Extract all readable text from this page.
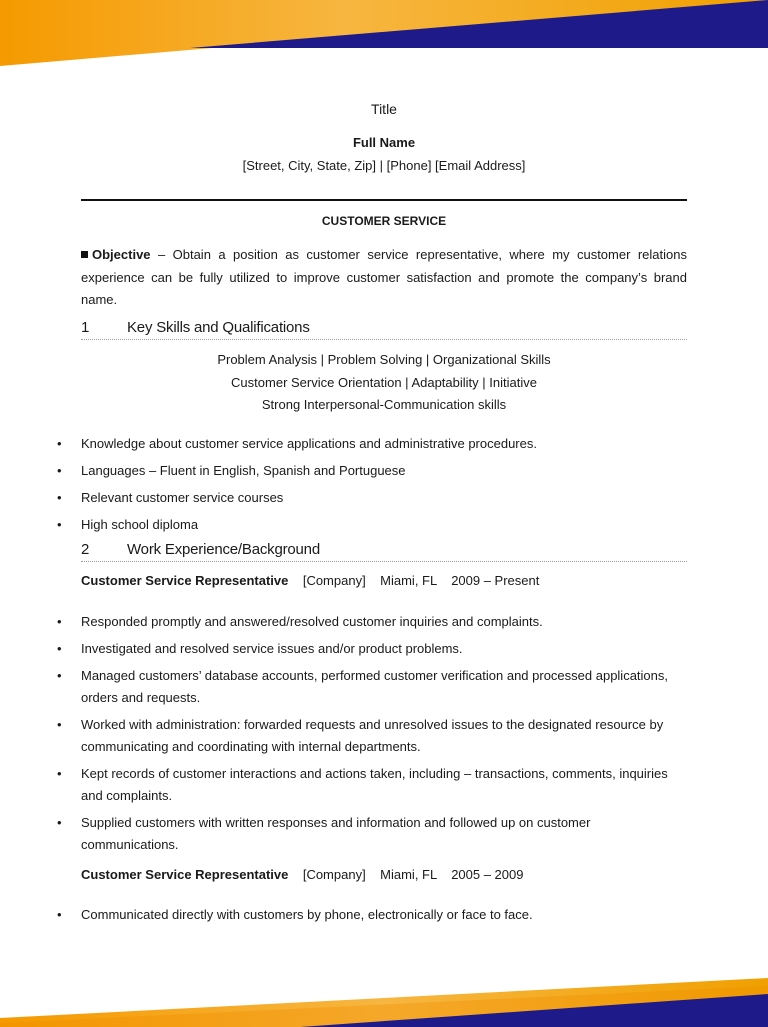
Title
Full Name
[Street, City, State, Zip] | [Phone] [Email Address]
CUSTOMER SERVICE
Objective – Obtain a position as customer service representative, where my customer relations experience can be fully utilized to improve customer satisfaction and promote the company’s brand name.
1	Key Skills and Qualifications
Problem Analysis | Problem Solving | Organizational Skills
Customer Service Orientation | Adaptability | Initiative
Strong Interpersonal-Communication skills
• Knowledge about customer service applications and administrative procedures.
• Languages – Fluent in English, Spanish and Portuguese
• Relevant customer service courses
• High school diploma
2	Work Experience/Background
Customer Service Representative [Company] Miami, FL 2009 – Present
• Responded promptly and answered/resolved customer inquiries and complaints.
• Investigated and resolved service issues and/or product problems.
• Managed customers’ database accounts, performed customer verification and processed applications, orders and requests.
• Worked with administration: forwarded requests and unresolved issues to the designated resource by communicating and coordinating with internal departments.
• Kept records of customer interactions and actions taken, including – transactions, comments, inquiries and complaints.
• Supplied customers with written responses and information and followed up on customer communications.
Customer Service Representative [Company] Miami, FL 2005 – 2009
• Communicated directly with customers by phone, electronically or face to face.
